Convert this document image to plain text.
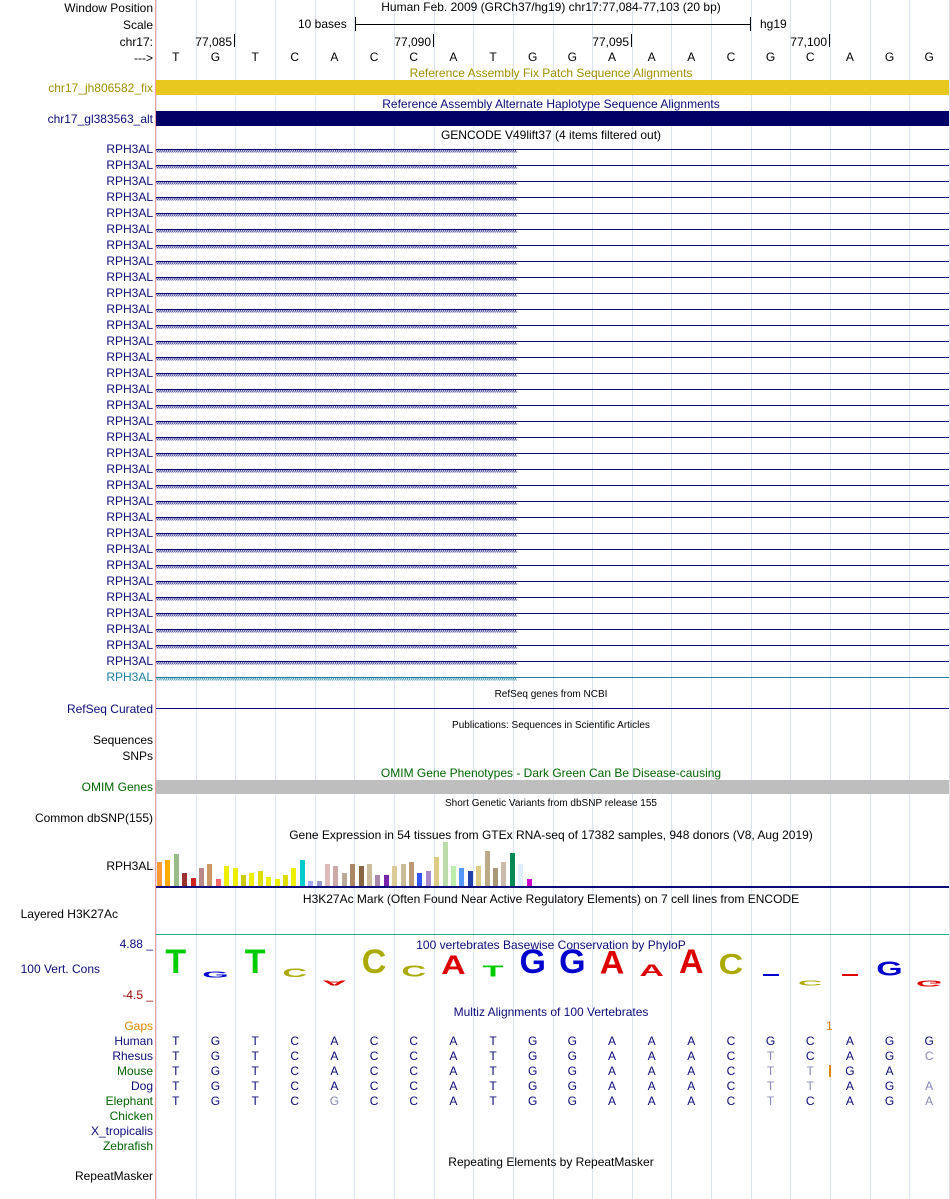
Window Position
Scale
chr17:
--->
Human Feb. 2009 (GRCh37/hg19) chr17:77,084-77,103 (20 bp)
10 bases	hg19
77,085	77,090	77,095	77,100
T	G	T	C	A	C	C	A	T	G	G	A	A	A	C	G	C	A	G	G
Reference Assembly Fix Patch Sequence Alignments
chr17_jh806582_fix
Reference Assembly Alternate Haplotype Sequence Alignments
chr17_gl383563_alt
GENCODE V49lift37 (4 items filtered out)
RPH3AL ‹‹‹‹‹‹‹‹‹‹‹‹‹‹‹‹‹‹‹‹‹‹‹‹‹‹‹‹‹‹‹‹‹‹‹‹‹‹‹‹‹‹‹‹‹‹‹‹‹‹‹‹‹‹‹‹‹‹‹‹‹‹‹‹‹‹‹‹‹‹‹‹‹‹‹‹‹‹‹‹‹‹‹‹‹‹‹‹‹‹‹‹‹‹‹‹‹‹‹‹‹‹‹‹‹‹‹‹‹‹‹‹‹‹‹‹‹‹‹‹‹‹‹‹‹‹‹‹‹‹‹‹‹‹‹‹‹‹‹‹‹‹‹‹‹‹‹‹‹‹‹‹‹‹‹‹‹‹‹‹‹‹‹‹‹‹‹‹‹‹‹‹‹‹‹‹‹‹‹‹‹‹‹‹‹‹‹‹‹‹
RPH3AL ‹‹‹‹‹‹‹‹‹‹‹‹‹‹‹‹‹‹‹‹‹‹‹‹‹‹‹‹‹‹‹‹‹‹‹‹‹‹‹‹‹‹‹‹‹‹‹‹‹‹‹‹‹‹‹‹‹‹‹‹‹‹‹‹‹‹‹‹‹‹‹‹‹‹‹‹‹‹‹‹‹‹‹‹‹‹‹‹‹‹‹‹‹‹‹‹‹‹‹‹‹‹‹‹‹‹‹‹‹‹‹‹‹‹‹‹‹‹‹‹‹‹‹‹‹‹‹‹‹‹‹‹‹‹‹‹‹‹‹‹‹‹‹‹‹‹‹‹‹‹‹‹‹‹‹‹‹‹‹‹‹‹‹‹‹‹‹‹‹‹‹‹‹‹‹‹‹‹‹‹‹‹‹‹‹‹‹‹‹‹
RPH3AL ‹‹‹‹‹‹‹‹‹‹‹‹‹‹‹‹‹‹‹‹‹‹‹‹‹‹‹‹‹‹‹‹‹‹‹‹‹‹‹‹‹‹‹‹‹‹‹‹‹‹‹‹‹‹‹‹‹‹‹‹‹‹‹‹‹‹‹‹‹‹‹‹‹‹‹‹‹‹‹‹‹‹‹‹‹‹‹‹‹‹‹‹‹‹‹‹‹‹‹‹‹‹‹‹‹‹‹‹‹‹‹‹‹‹‹‹‹‹‹‹‹‹‹‹‹‹‹‹‹‹‹‹‹‹‹‹‹‹‹‹‹‹‹‹‹‹‹‹‹‹‹‹‹‹‹‹‹‹‹‹‹‹‹‹‹‹‹‹‹‹‹‹‹‹‹‹‹‹‹‹‹‹‹‹‹‹‹‹‹‹
RPH3AL ‹‹‹‹‹‹‹‹‹‹‹‹‹‹‹‹‹‹‹‹‹‹‹‹‹‹‹‹‹‹‹‹‹‹‹‹‹‹‹‹‹‹‹‹‹‹‹‹‹‹‹‹‹‹‹‹‹‹‹‹‹‹‹‹‹‹‹‹‹‹‹‹‹‹‹‹‹‹‹‹‹‹‹‹‹‹‹‹‹‹‹‹‹‹‹‹‹‹‹‹‹‹‹‹‹‹‹‹‹‹‹‹‹‹‹‹‹‹‹‹‹‹‹‹‹‹‹‹‹‹‹‹‹‹‹‹‹‹‹‹‹‹‹‹‹‹‹‹‹‹‹‹‹‹‹‹‹‹‹‹‹‹‹‹‹‹‹‹‹‹‹‹‹‹‹‹‹‹‹‹‹‹‹‹‹‹‹‹‹‹
RPH3AL ‹‹‹‹‹‹‹‹‹‹‹‹‹‹‹‹‹‹‹‹‹‹‹‹‹‹‹‹‹‹‹‹‹‹‹‹‹‹‹‹‹‹‹‹‹‹‹‹‹‹‹‹‹‹‹‹‹‹‹‹‹‹‹‹‹‹‹‹‹‹‹‹‹‹‹‹‹‹‹‹‹‹‹‹‹‹‹‹‹‹‹‹‹‹‹‹‹‹‹‹‹‹‹‹‹‹‹‹‹‹‹‹‹‹‹‹‹‹‹‹‹‹‹‹‹‹‹‹‹‹‹‹‹‹‹‹‹‹‹‹‹‹‹‹‹‹‹‹‹‹‹‹‹‹‹‹‹‹‹‹‹‹‹‹‹‹‹‹‹‹‹‹‹‹‹‹‹‹‹‹‹‹‹‹‹‹‹‹‹‹
RPH3AL ‹‹‹‹‹‹‹‹‹‹‹‹‹‹‹‹‹‹‹‹‹‹‹‹‹‹‹‹‹‹‹‹‹‹‹‹‹‹‹‹‹‹‹‹‹‹‹‹‹‹‹‹‹‹‹‹‹‹‹‹‹‹‹‹‹‹‹‹‹‹‹‹‹‹‹‹‹‹‹‹‹‹‹‹‹‹‹‹‹‹‹‹‹‹‹‹‹‹‹‹‹‹‹‹‹‹‹‹‹‹‹‹‹‹‹‹‹‹‹‹‹‹‹‹‹‹‹‹‹‹‹‹‹‹‹‹‹‹‹‹‹‹‹‹‹‹‹‹‹‹‹‹‹‹‹‹‹‹‹‹‹‹‹‹‹‹‹‹‹‹‹‹‹‹‹‹‹‹‹‹‹‹‹‹‹‹‹‹‹‹
RPH3AL ‹‹‹‹‹‹‹‹‹‹‹‹‹‹‹‹‹‹‹‹‹‹‹‹‹‹‹‹‹‹‹‹‹‹‹‹‹‹‹‹‹‹‹‹‹‹‹‹‹‹‹‹‹‹‹‹‹‹‹‹‹‹‹‹‹‹‹‹‹‹‹‹‹‹‹‹‹‹‹‹‹‹‹‹‹‹‹‹‹‹‹‹‹‹‹‹‹‹‹‹‹‹‹‹‹‹‹‹‹‹‹‹‹‹‹‹‹‹‹‹‹‹‹‹‹‹‹‹‹‹‹‹‹‹‹‹‹‹‹‹‹‹‹‹‹‹‹‹‹‹‹‹‹‹‹‹‹‹‹‹‹‹‹‹‹‹‹‹‹‹‹‹‹‹‹‹‹‹‹‹‹‹‹‹‹‹‹‹‹‹
RPH3AL ‹‹‹‹‹‹‹‹‹‹‹‹‹‹‹‹‹‹‹‹‹‹‹‹‹‹‹‹‹‹‹‹‹‹‹‹‹‹‹‹‹‹‹‹‹‹‹‹‹‹‹‹‹‹‹‹‹‹‹‹‹‹‹‹‹‹‹‹‹‹‹‹‹‹‹‹‹‹‹‹‹‹‹‹‹‹‹‹‹‹‹‹‹‹‹‹‹‹‹‹‹‹‹‹‹‹‹‹‹‹‹‹‹‹‹‹‹‹‹‹‹‹‹‹‹‹‹‹‹‹‹‹‹‹‹‹‹‹‹‹‹‹‹‹‹‹‹‹‹‹‹‹‹‹‹‹‹‹‹‹‹‹‹‹‹‹‹‹‹‹‹‹‹‹‹‹‹‹‹‹‹‹‹‹‹‹‹‹‹‹
RPH3AL ‹‹‹‹‹‹‹‹‹‹‹‹‹‹‹‹‹‹‹‹‹‹‹‹‹‹‹‹‹‹‹‹‹‹‹‹‹‹‹‹‹‹‹‹‹‹‹‹‹‹‹‹‹‹‹‹‹‹‹‹‹‹‹‹‹‹‹‹‹‹‹‹‹‹‹‹‹‹‹‹‹‹‹‹‹‹‹‹‹‹‹‹‹‹‹‹‹‹‹‹‹‹‹‹‹‹‹‹‹‹‹‹‹‹‹‹‹‹‹‹‹‹‹‹‹‹‹‹‹‹‹‹‹‹‹‹‹‹‹‹‹‹‹‹‹‹‹‹‹‹‹‹‹‹‹‹‹‹‹‹‹‹‹‹‹‹‹‹‹‹‹‹‹‹‹‹‹‹‹‹‹‹‹‹‹‹‹‹‹‹
RPH3AL ‹‹‹‹‹‹‹‹‹‹‹‹‹‹‹‹‹‹‹‹‹‹‹‹‹‹‹‹‹‹‹‹‹‹‹‹‹‹‹‹‹‹‹‹‹‹‹‹‹‹‹‹‹‹‹‹‹‹‹‹‹‹‹‹‹‹‹‹‹‹‹‹‹‹‹‹‹‹‹‹‹‹‹‹‹‹‹‹‹‹‹‹‹‹‹‹‹‹‹‹‹‹‹‹‹‹‹‹‹‹‹‹‹‹‹‹‹‹‹‹‹‹‹‹‹‹‹‹‹‹‹‹‹‹‹‹‹‹‹‹‹‹‹‹‹‹‹‹‹‹‹‹‹‹‹‹‹‹‹‹‹‹‹‹‹‹‹‹‹‹‹‹‹‹‹‹‹‹‹‹‹‹‹‹‹‹‹‹‹‹
RPH3AL ‹‹‹‹‹‹‹‹‹‹‹‹‹‹‹‹‹‹‹‹‹‹‹‹‹‹‹‹‹‹‹‹‹‹‹‹‹‹‹‹‹‹‹‹‹‹‹‹‹‹‹‹‹‹‹‹‹‹‹‹‹‹‹‹‹‹‹‹‹‹‹‹‹‹‹‹‹‹‹‹‹‹‹‹‹‹‹‹‹‹‹‹‹‹‹‹‹‹‹‹‹‹‹‹‹‹‹‹‹‹‹‹‹‹‹‹‹‹‹‹‹‹‹‹‹‹‹‹‹‹‹‹‹‹‹‹‹‹‹‹‹‹‹‹‹‹‹‹‹‹‹‹‹‹‹‹‹‹‹‹‹‹‹‹‹‹‹‹‹‹‹‹‹‹‹‹‹‹‹‹‹‹‹‹‹‹‹‹‹‹
RPH3AL ‹‹‹‹‹‹‹‹‹‹‹‹‹‹‹‹‹‹‹‹‹‹‹‹‹‹‹‹‹‹‹‹‹‹‹‹‹‹‹‹‹‹‹‹‹‹‹‹‹‹‹‹‹‹‹‹‹‹‹‹‹‹‹‹‹‹‹‹‹‹‹‹‹‹‹‹‹‹‹‹‹‹‹‹‹‹‹‹‹‹‹‹‹‹‹‹‹‹‹‹‹‹‹‹‹‹‹‹‹‹‹‹‹‹‹‹‹‹‹‹‹‹‹‹‹‹‹‹‹‹‹‹‹‹‹‹‹‹‹‹‹‹‹‹‹‹‹‹‹‹‹‹‹‹‹‹‹‹‹‹‹‹‹‹‹‹‹‹‹‹‹‹‹‹‹‹‹‹‹‹‹‹‹‹‹‹‹‹‹‹
RPH3AL ‹‹‹‹‹‹‹‹‹‹‹‹‹‹‹‹‹‹‹‹‹‹‹‹‹‹‹‹‹‹‹‹‹‹‹‹‹‹‹‹‹‹‹‹‹‹‹‹‹‹‹‹‹‹‹‹‹‹‹‹‹‹‹‹‹‹‹‹‹‹‹‹‹‹‹‹‹‹‹‹‹‹‹‹‹‹‹‹‹‹‹‹‹‹‹‹‹‹‹‹‹‹‹‹‹‹‹‹‹‹‹‹‹‹‹‹‹‹‹‹‹‹‹‹‹‹‹‹‹‹‹‹‹‹‹‹‹‹‹‹‹‹‹‹‹‹‹‹‹‹‹‹‹‹‹‹‹‹‹‹‹‹‹‹‹‹‹‹‹‹‹‹‹‹‹‹‹‹‹‹‹‹‹‹‹‹‹‹‹‹
RPH3AL ‹‹‹‹‹‹‹‹‹‹‹‹‹‹‹‹‹‹‹‹‹‹‹‹‹‹‹‹‹‹‹‹‹‹‹‹‹‹‹‹‹‹‹‹‹‹‹‹‹‹‹‹‹‹‹‹‹‹‹‹‹‹‹‹‹‹‹‹‹‹‹‹‹‹‹‹‹‹‹‹‹‹‹‹‹‹‹‹‹‹‹‹‹‹‹‹‹‹‹‹‹‹‹‹‹‹‹‹‹‹‹‹‹‹‹‹‹‹‹‹‹‹‹‹‹‹‹‹‹‹‹‹‹‹‹‹‹‹‹‹‹‹‹‹‹‹‹‹‹‹‹‹‹‹‹‹‹‹‹‹‹‹‹‹‹‹‹‹‹‹‹‹‹‹‹‹‹‹‹‹‹‹‹‹‹‹‹‹‹‹
RPH3AL ‹‹‹‹‹‹‹‹‹‹‹‹‹‹‹‹‹‹‹‹‹‹‹‹‹‹‹‹‹‹‹‹‹‹‹‹‹‹‹‹‹‹‹‹‹‹‹‹‹‹‹‹‹‹‹‹‹‹‹‹‹‹‹‹‹‹‹‹‹‹‹‹‹‹‹‹‹‹‹‹‹‹‹‹‹‹‹‹‹‹‹‹‹‹‹‹‹‹‹‹‹‹‹‹‹‹‹‹‹‹‹‹‹‹‹‹‹‹‹‹‹‹‹‹‹‹‹‹‹‹‹‹‹‹‹‹‹‹‹‹‹‹‹‹‹‹‹‹‹‹‹‹‹‹‹‹‹‹‹‹‹‹‹‹‹‹‹‹‹‹‹‹‹‹‹‹‹‹‹‹‹‹‹‹‹‹‹‹‹‹
RPH3AL ‹‹‹‹‹‹‹‹‹‹‹‹‹‹‹‹‹‹‹‹‹‹‹‹‹‹‹‹‹‹‹‹‹‹‹‹‹‹‹‹‹‹‹‹‹‹‹‹‹‹‹‹‹‹‹‹‹‹‹‹‹‹‹‹‹‹‹‹‹‹‹‹‹‹‹‹‹‹‹‹‹‹‹‹‹‹‹‹‹‹‹‹‹‹‹‹‹‹‹‹‹‹‹‹‹‹‹‹‹‹‹‹‹‹‹‹‹‹‹‹‹‹‹‹‹‹‹‹‹‹‹‹‹‹‹‹‹‹‹‹‹‹‹‹‹‹‹‹‹‹‹‹‹‹‹‹‹‹‹‹‹‹‹‹‹‹‹‹‹‹‹‹‹‹‹‹‹‹‹‹‹‹‹‹‹‹‹‹‹‹
RPH3AL ‹‹‹‹‹‹‹‹‹‹‹‹‹‹‹‹‹‹‹‹‹‹‹‹‹‹‹‹‹‹‹‹‹‹‹‹‹‹‹‹‹‹‹‹‹‹‹‹‹‹‹‹‹‹‹‹‹‹‹‹‹‹‹‹‹‹‹‹‹‹‹‹‹‹‹‹‹‹‹‹‹‹‹‹‹‹‹‹‹‹‹‹‹‹‹‹‹‹‹‹‹‹‹‹‹‹‹‹‹‹‹‹‹‹‹‹‹‹‹‹‹‹‹‹‹‹‹‹‹‹‹‹‹‹‹‹‹‹‹‹‹‹‹‹‹‹‹‹‹‹‹‹‹‹‹‹‹‹‹‹‹‹‹‹‹‹‹‹‹‹‹‹‹‹‹‹‹‹‹‹‹‹‹‹‹‹‹‹‹‹
RPH3AL ‹‹‹‹‹‹‹‹‹‹‹‹‹‹‹‹‹‹‹‹‹‹‹‹‹‹‹‹‹‹‹‹‹‹‹‹‹‹‹‹‹‹‹‹‹‹‹‹‹‹‹‹‹‹‹‹‹‹‹‹‹‹‹‹‹‹‹‹‹‹‹‹‹‹‹‹‹‹‹‹‹‹‹‹‹‹‹‹‹‹‹‹‹‹‹‹‹‹‹‹‹‹‹‹‹‹‹‹‹‹‹‹‹‹‹‹‹‹‹‹‹‹‹‹‹‹‹‹‹‹‹‹‹‹‹‹‹‹‹‹‹‹‹‹‹‹‹‹‹‹‹‹‹‹‹‹‹‹‹‹‹‹‹‹‹‹‹‹‹‹‹‹‹‹‹‹‹‹‹‹‹‹‹‹‹‹‹‹‹‹
RPH3AL ‹‹‹‹‹‹‹‹‹‹‹‹‹‹‹‹‹‹‹‹‹‹‹‹‹‹‹‹‹‹‹‹‹‹‹‹‹‹‹‹‹‹‹‹‹‹‹‹‹‹‹‹‹‹‹‹‹‹‹‹‹‹‹‹‹‹‹‹‹‹‹‹‹‹‹‹‹‹‹‹‹‹‹‹‹‹‹‹‹‹‹‹‹‹‹‹‹‹‹‹‹‹‹‹‹‹‹‹‹‹‹‹‹‹‹‹‹‹‹‹‹‹‹‹‹‹‹‹‹‹‹‹‹‹‹‹‹‹‹‹‹‹‹‹‹‹‹‹‹‹‹‹‹‹‹‹‹‹‹‹‹‹‹‹‹‹‹‹‹‹‹‹‹‹‹‹‹‹‹‹‹‹‹‹‹‹‹‹‹‹
RPH3AL ‹‹‹‹‹‹‹‹‹‹‹‹‹‹‹‹‹‹‹‹‹‹‹‹‹‹‹‹‹‹‹‹‹‹‹‹‹‹‹‹‹‹‹‹‹‹‹‹‹‹‹‹‹‹‹‹‹‹‹‹‹‹‹‹‹‹‹‹‹‹‹‹‹‹‹‹‹‹‹‹‹‹‹‹‹‹‹‹‹‹‹‹‹‹‹‹‹‹‹‹‹‹‹‹‹‹‹‹‹‹‹‹‹‹‹‹‹‹‹‹‹‹‹‹‹‹‹‹‹‹‹‹‹‹‹‹‹‹‹‹‹‹‹‹‹‹‹‹‹‹‹‹‹‹‹‹‹‹‹‹‹‹‹‹‹‹‹‹‹‹‹‹‹‹‹‹‹‹‹‹‹‹‹‹‹‹‹‹‹‹
RPH3AL ‹‹‹‹‹‹‹‹‹‹‹‹‹‹‹‹‹‹‹‹‹‹‹‹‹‹‹‹‹‹‹‹‹‹‹‹‹‹‹‹‹‹‹‹‹‹‹‹‹‹‹‹‹‹‹‹‹‹‹‹‹‹‹‹‹‹‹‹‹‹‹‹‹‹‹‹‹‹‹‹‹‹‹‹‹‹‹‹‹‹‹‹‹‹‹‹‹‹‹‹‹‹‹‹‹‹‹‹‹‹‹‹‹‹‹‹‹‹‹‹‹‹‹‹‹‹‹‹‹‹‹‹‹‹‹‹‹‹‹‹‹‹‹‹‹‹‹‹‹‹‹‹‹‹‹‹‹‹‹‹‹‹‹‹‹‹‹‹‹‹‹‹‹‹‹‹‹‹‹‹‹‹‹‹‹‹‹‹‹‹
RPH3AL ‹‹‹‹‹‹‹‹‹‹‹‹‹‹‹‹‹‹‹‹‹‹‹‹‹‹‹‹‹‹‹‹‹‹‹‹‹‹‹‹‹‹‹‹‹‹‹‹‹‹‹‹‹‹‹‹‹‹‹‹‹‹‹‹‹‹‹‹‹‹‹‹‹‹‹‹‹‹‹‹‹‹‹‹‹‹‹‹‹‹‹‹‹‹‹‹‹‹‹‹‹‹‹‹‹‹‹‹‹‹‹‹‹‹‹‹‹‹‹‹‹‹‹‹‹‹‹‹‹‹‹‹‹‹‹‹‹‹‹‹‹‹‹‹‹‹‹‹‹‹‹‹‹‹‹‹‹‹‹‹‹‹‹‹‹‹‹‹‹‹‹‹‹‹‹‹‹‹‹‹‹‹‹‹‹‹‹‹‹‹
RPH3AL ‹‹‹‹‹‹‹‹‹‹‹‹‹‹‹‹‹‹‹‹‹‹‹‹‹‹‹‹‹‹‹‹‹‹‹‹‹‹‹‹‹‹‹‹‹‹‹‹‹‹‹‹‹‹‹‹‹‹‹‹‹‹‹‹‹‹‹‹‹‹‹‹‹‹‹‹‹‹‹‹‹‹‹‹‹‹‹‹‹‹‹‹‹‹‹‹‹‹‹‹‹‹‹‹‹‹‹‹‹‹‹‹‹‹‹‹‹‹‹‹‹‹‹‹‹‹‹‹‹‹‹‹‹‹‹‹‹‹‹‹‹‹‹‹‹‹‹‹‹‹‹‹‹‹‹‹‹‹‹‹‹‹‹‹‹‹‹‹‹‹‹‹‹‹‹‹‹‹‹‹‹‹‹‹‹‹‹‹‹‹
RPH3AL ‹‹‹‹‹‹‹‹‹‹‹‹‹‹‹‹‹‹‹‹‹‹‹‹‹‹‹‹‹‹‹‹‹‹‹‹‹‹‹‹‹‹‹‹‹‹‹‹‹‹‹‹‹‹‹‹‹‹‹‹‹‹‹‹‹‹‹‹‹‹‹‹‹‹‹‹‹‹‹‹‹‹‹‹‹‹‹‹‹‹‹‹‹‹‹‹‹‹‹‹‹‹‹‹‹‹‹‹‹‹‹‹‹‹‹‹‹‹‹‹‹‹‹‹‹‹‹‹‹‹‹‹‹‹‹‹‹‹‹‹‹‹‹‹‹‹‹‹‹‹‹‹‹‹‹‹‹‹‹‹‹‹‹‹‹‹‹‹‹‹‹‹‹‹‹‹‹‹‹‹‹‹‹‹‹‹‹‹‹‹
RPH3AL ‹‹‹‹‹‹‹‹‹‹‹‹‹‹‹‹‹‹‹‹‹‹‹‹‹‹‹‹‹‹‹‹‹‹‹‹‹‹‹‹‹‹‹‹‹‹‹‹‹‹‹‹‹‹‹‹‹‹‹‹‹‹‹‹‹‹‹‹‹‹‹‹‹‹‹‹‹‹‹‹‹‹‹‹‹‹‹‹‹‹‹‹‹‹‹‹‹‹‹‹‹‹‹‹‹‹‹‹‹‹‹‹‹‹‹‹‹‹‹‹‹‹‹‹‹‹‹‹‹‹‹‹‹‹‹‹‹‹‹‹‹‹‹‹‹‹‹‹‹‹‹‹‹‹‹‹‹‹‹‹‹‹‹‹‹‹‹‹‹‹‹‹‹‹‹‹‹‹‹‹‹‹‹‹‹‹‹‹‹‹
RPH3AL ‹‹‹‹‹‹‹‹‹‹‹‹‹‹‹‹‹‹‹‹‹‹‹‹‹‹‹‹‹‹‹‹‹‹‹‹‹‹‹‹‹‹‹‹‹‹‹‹‹‹‹‹‹‹‹‹‹‹‹‹‹‹‹‹‹‹‹‹‹‹‹‹‹‹‹‹‹‹‹‹‹‹‹‹‹‹‹‹‹‹‹‹‹‹‹‹‹‹‹‹‹‹‹‹‹‹‹‹‹‹‹‹‹‹‹‹‹‹‹‹‹‹‹‹‹‹‹‹‹‹‹‹‹‹‹‹‹‹‹‹‹‹‹‹‹‹‹‹‹‹‹‹‹‹‹‹‹‹‹‹‹‹‹‹‹‹‹‹‹‹‹‹‹‹‹‹‹‹‹‹‹‹‹‹‹‹‹‹‹‹
RPH3AL ‹‹‹‹‹‹‹‹‹‹‹‹‹‹‹‹‹‹‹‹‹‹‹‹‹‹‹‹‹‹‹‹‹‹‹‹‹‹‹‹‹‹‹‹‹‹‹‹‹‹‹‹‹‹‹‹‹‹‹‹‹‹‹‹‹‹‹‹‹‹‹‹‹‹‹‹‹‹‹‹‹‹‹‹‹‹‹‹‹‹‹‹‹‹‹‹‹‹‹‹‹‹‹‹‹‹‹‹‹‹‹‹‹‹‹‹‹‹‹‹‹‹‹‹‹‹‹‹‹‹‹‹‹‹‹‹‹‹‹‹‹‹‹‹‹‹‹‹‹‹‹‹‹‹‹‹‹‹‹‹‹‹‹‹‹‹‹‹‹‹‹‹‹‹‹‹‹‹‹‹‹‹‹‹‹‹‹‹‹‹
RPH3AL ‹‹‹‹‹‹‹‹‹‹‹‹‹‹‹‹‹‹‹‹‹‹‹‹‹‹‹‹‹‹‹‹‹‹‹‹‹‹‹‹‹‹‹‹‹‹‹‹‹‹‹‹‹‹‹‹‹‹‹‹‹‹‹‹‹‹‹‹‹‹‹‹‹‹‹‹‹‹‹‹‹‹‹‹‹‹‹‹‹‹‹‹‹‹‹‹‹‹‹‹‹‹‹‹‹‹‹‹‹‹‹‹‹‹‹‹‹‹‹‹‹‹‹‹‹‹‹‹‹‹‹‹‹‹‹‹‹‹‹‹‹‹‹‹‹‹‹‹‹‹‹‹‹‹‹‹‹‹‹‹‹‹‹‹‹‹‹‹‹‹‹‹‹‹‹‹‹‹‹‹‹‹‹‹‹‹‹‹‹‹
RPH3AL ‹‹‹‹‹‹‹‹‹‹‹‹‹‹‹‹‹‹‹‹‹‹‹‹‹‹‹‹‹‹‹‹‹‹‹‹‹‹‹‹‹‹‹‹‹‹‹‹‹‹‹‹‹‹‹‹‹‹‹‹‹‹‹‹‹‹‹‹‹‹‹‹‹‹‹‹‹‹‹‹‹‹‹‹‹‹‹‹‹‹‹‹‹‹‹‹‹‹‹‹‹‹‹‹‹‹‹‹‹‹‹‹‹‹‹‹‹‹‹‹‹‹‹‹‹‹‹‹‹‹‹‹‹‹‹‹‹‹‹‹‹‹‹‹‹‹‹‹‹‹‹‹‹‹‹‹‹‹‹‹‹‹‹‹‹‹‹‹‹‹‹‹‹‹‹‹‹‹‹‹‹‹‹‹‹‹‹‹‹‹
RPH3AL ‹‹‹‹‹‹‹‹‹‹‹‹‹‹‹‹‹‹‹‹‹‹‹‹‹‹‹‹‹‹‹‹‹‹‹‹‹‹‹‹‹‹‹‹‹‹‹‹‹‹‹‹‹‹‹‹‹‹‹‹‹‹‹‹‹‹‹‹‹‹‹‹‹‹‹‹‹‹‹‹‹‹‹‹‹‹‹‹‹‹‹‹‹‹‹‹‹‹‹‹‹‹‹‹‹‹‹‹‹‹‹‹‹‹‹‹‹‹‹‹‹‹‹‹‹‹‹‹‹‹‹‹‹‹‹‹‹‹‹‹‹‹‹‹‹‹‹‹‹‹‹‹‹‹‹‹‹‹‹‹‹‹‹‹‹‹‹‹‹‹‹‹‹‹‹‹‹‹‹‹‹‹‹‹‹‹‹‹‹‹
RPH3AL ‹‹‹‹‹‹‹‹‹‹‹‹‹‹‹‹‹‹‹‹‹‹‹‹‹‹‹‹‹‹‹‹‹‹‹‹‹‹‹‹‹‹‹‹‹‹‹‹‹‹‹‹‹‹‹‹‹‹‹‹‹‹‹‹‹‹‹‹‹‹‹‹‹‹‹‹‹‹‹‹‹‹‹‹‹‹‹‹‹‹‹‹‹‹‹‹‹‹‹‹‹‹‹‹‹‹‹‹‹‹‹‹‹‹‹‹‹‹‹‹‹‹‹‹‹‹‹‹‹‹‹‹‹‹‹‹‹‹‹‹‹‹‹‹‹‹‹‹‹‹‹‹‹‹‹‹‹‹‹‹‹‹‹‹‹‹‹‹‹‹‹‹‹‹‹‹‹‹‹‹‹‹‹‹‹‹‹‹‹‹
RPH3AL ‹‹‹‹‹‹‹‹‹‹‹‹‹‹‹‹‹‹‹‹‹‹‹‹‹‹‹‹‹‹‹‹‹‹‹‹‹‹‹‹‹‹‹‹‹‹‹‹‹‹‹‹‹‹‹‹‹‹‹‹‹‹‹‹‹‹‹‹‹‹‹‹‹‹‹‹‹‹‹‹‹‹‹‹‹‹‹‹‹‹‹‹‹‹‹‹‹‹‹‹‹‹‹‹‹‹‹‹‹‹‹‹‹‹‹‹‹‹‹‹‹‹‹‹‹‹‹‹‹‹‹‹‹‹‹‹‹‹‹‹‹‹‹‹‹‹‹‹‹‹‹‹‹‹‹‹‹‹‹‹‹‹‹‹‹‹‹‹‹‹‹‹‹‹‹‹‹‹‹‹‹‹‹‹‹‹‹‹‹‹
RPH3AL ‹‹‹‹‹‹‹‹‹‹‹‹‹‹‹‹‹‹‹‹‹‹‹‹‹‹‹‹‹‹‹‹‹‹‹‹‹‹‹‹‹‹‹‹‹‹‹‹‹‹‹‹‹‹‹‹‹‹‹‹‹‹‹‹‹‹‹‹‹‹‹‹‹‹‹‹‹‹‹‹‹‹‹‹‹‹‹‹‹‹‹‹‹‹‹‹‹‹‹‹‹‹‹‹‹‹‹‹‹‹‹‹‹‹‹‹‹‹‹‹‹‹‹‹‹‹‹‹‹‹‹‹‹‹‹‹‹‹‹‹‹‹‹‹‹‹‹‹‹‹‹‹‹‹‹‹‹‹‹‹‹‹‹‹‹‹‹‹‹‹‹‹‹‹‹‹‹‹‹‹‹‹‹‹‹‹‹‹‹‹
RPH3AL ‹‹‹‹‹‹‹‹‹‹‹‹‹‹‹‹‹‹‹‹‹‹‹‹‹‹‹‹‹‹‹‹‹‹‹‹‹‹‹‹‹‹‹‹‹‹‹‹‹‹‹‹‹‹‹‹‹‹‹‹‹‹‹‹‹‹‹‹‹‹‹‹‹‹‹‹‹‹‹‹‹‹‹‹‹‹‹‹‹‹‹‹‹‹‹‹‹‹‹‹‹‹‹‹‹‹‹‹‹‹‹‹‹‹‹‹‹‹‹‹‹‹‹‹‹‹‹‹‹‹‹‹‹‹‹‹‹‹‹‹‹‹‹‹‹‹‹‹‹‹‹‹‹‹‹‹‹‹‹‹‹‹‹‹‹‹‹‹‹‹‹‹‹‹‹‹‹‹‹‹‹‹‹‹‹‹‹‹‹‹
RefSeq genes from NCBI
RefSeq Curated
Publications: Sequences in Scientific Articles
Sequences
SNPs
OMIM Gene Phenotypes - Dark Green Can Be Disease-causing
OMIM Genes
Short Genetic Variants from dbSNP release 155
Common dbSNP(155)
Gene Expression in 54 tissues from GTEx RNA-seq of 17382 samples, 948 donors (V8, Aug 2019)
RPH3AL
H3K27Ac Mark (Often Found Near Active Regulatory Elements) on 7 cell lines from ENCODE
Layered H3K27Ac
100 vertebrates Basewise Conservation by PhyloP
4.88 _
100 Vert. Cons
-4.5 _
T G T C
A
C C A T G G A A A C
C
G
G
Multiz Alignments of 100 Vertebrates
Gaps	1
Human T	G	T	C	A	C	C	A	T	G	G	A	A	A	C	G	C	A	G	G
Rhesus T	G	T	C	A	C	C	A	T	G	G	A	A	A	C	T	C	A	G	C
Mouse T	G	T	C	A	C	C	A	T	G	G	A	A	A	C	T	T	G	A
Dog T	G	T	C	A	C	C	A	T	G	G	A	A	A	C	T	T	A	G	A
Elephant T	G	T	C	G	C	C	A	T	G	G	A	A	A	C	T	C	A	G	A
Chicken
X_tropicalis
Zebrafish
Repeating Elements by RepeatMasker
RepeatMasker
